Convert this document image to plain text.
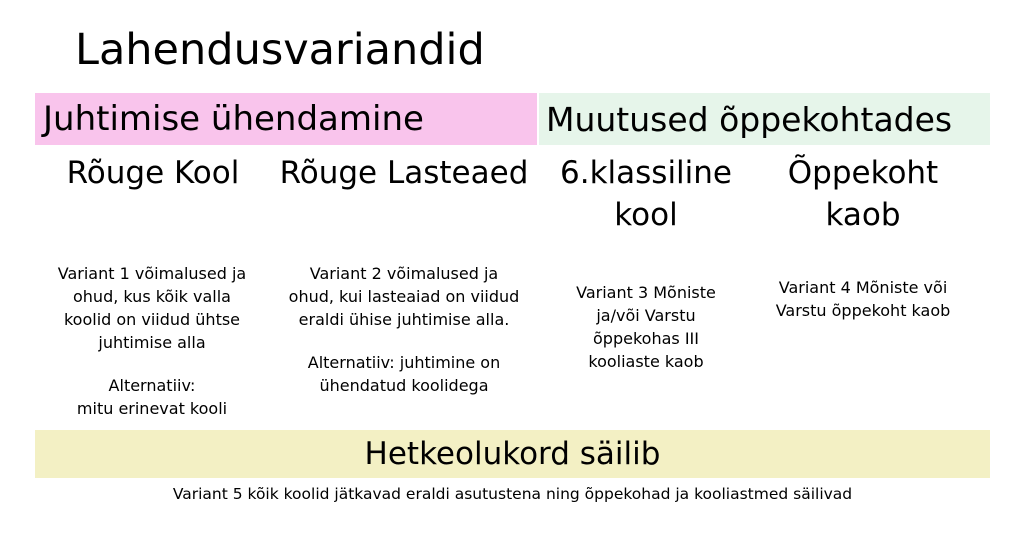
Lahendusvariandid
Juhtimise ühendamine	Muutused õppekohtades
Rõuge Kool
Variant 1 võimalused ja
ohud, kus kõik valla
koolid on viidud ühtse
juhtimise alla
Alternatiiv:
mitu erinevat kooli
Rõuge Lasteaed
Variant 2 võimalused ja
ohud, kui lasteaiad on viidud
eraldi ühise juhtimise alla.
Alternatiiv: juhtimine on
ühendatud koolidega
6.klassiline
kool
Variant 3 Mõniste
ja/või Varstu
õppekohas III
kooliaste kaob
Õppekoht
kaob
Variant 4 Mõniste või
Varstu õppekoht kaob
Hetkeolukord säilib
Variant 5 kõik koolid jätkavad eraldi asutustena ning õppekohad ja kooliastmed säilivad
